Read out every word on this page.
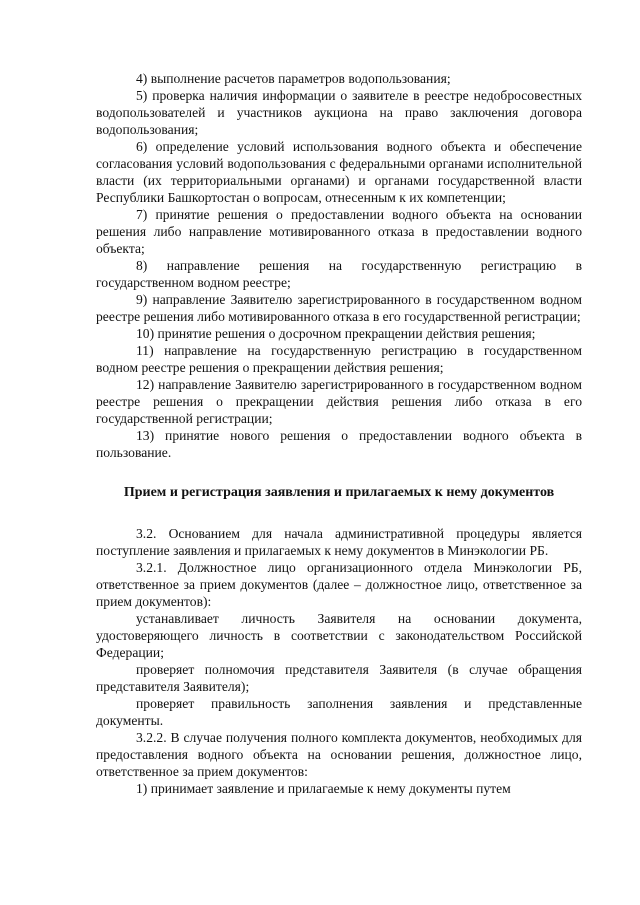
4) выполнение расчетов параметров водопользования;

5) проверка наличия информации о заявителе в реестре недобросовестных водопользователей и участников аукциона на право заключения договора водопользования;

6) определение условий использования водного объекта и обеспечение согласования условий водопользования с федеральными органами исполнительной власти (их территориальными органами) и органами государственной власти Республики Башкортостан о вопросам, отнесенным к их компетенции;

7) принятие решения о предоставлении водного объекта на основании решения либо направление мотивированного отказа в предоставлении водного объекта;

8) направление решения на государственную регистрацию в государственном водном реестре;

9) направление Заявителю зарегистрированного в государственном водном реестре решения либо мотивированного отказа в его государственной регистрации;

10) принятие решения о досрочном прекращении действия решения;

11) направление на государственную регистрацию в государственном водном реестре решения о прекращении действия решения;

12) направление Заявителю зарегистрированного в государственном водном реестре решения о прекращении действия решения либо отказа в его государственной регистрации;

13) принятие нового решения о предоставлении водного объекта в пользование.

Прием и регистрация заявления и прилагаемых к нему документов

3.2. Основанием для начала административной процедуры является поступление заявления и прилагаемых к нему документов в Минэкологии РБ.

3.2.1. Должностное лицо организационного отдела Минэкологии РБ, ответственное за прием документов (далее – должностное лицо, ответственное за прием документов):

устанавливает личность Заявителя на основании документа, удостоверяющего личность в соответствии с законодательством Российской Федерации;

проверяет полномочия представителя Заявителя (в случае обращения представителя Заявителя);

проверяет правильность заполнения заявления и представленные документы.

3.2.2. В случае получения полного комплекта документов, необходимых для предоставления водного объекта на основании решения, должностное лицо, ответственное за прием документов:

1) принимает заявление и прилагаемые к нему документы путем
